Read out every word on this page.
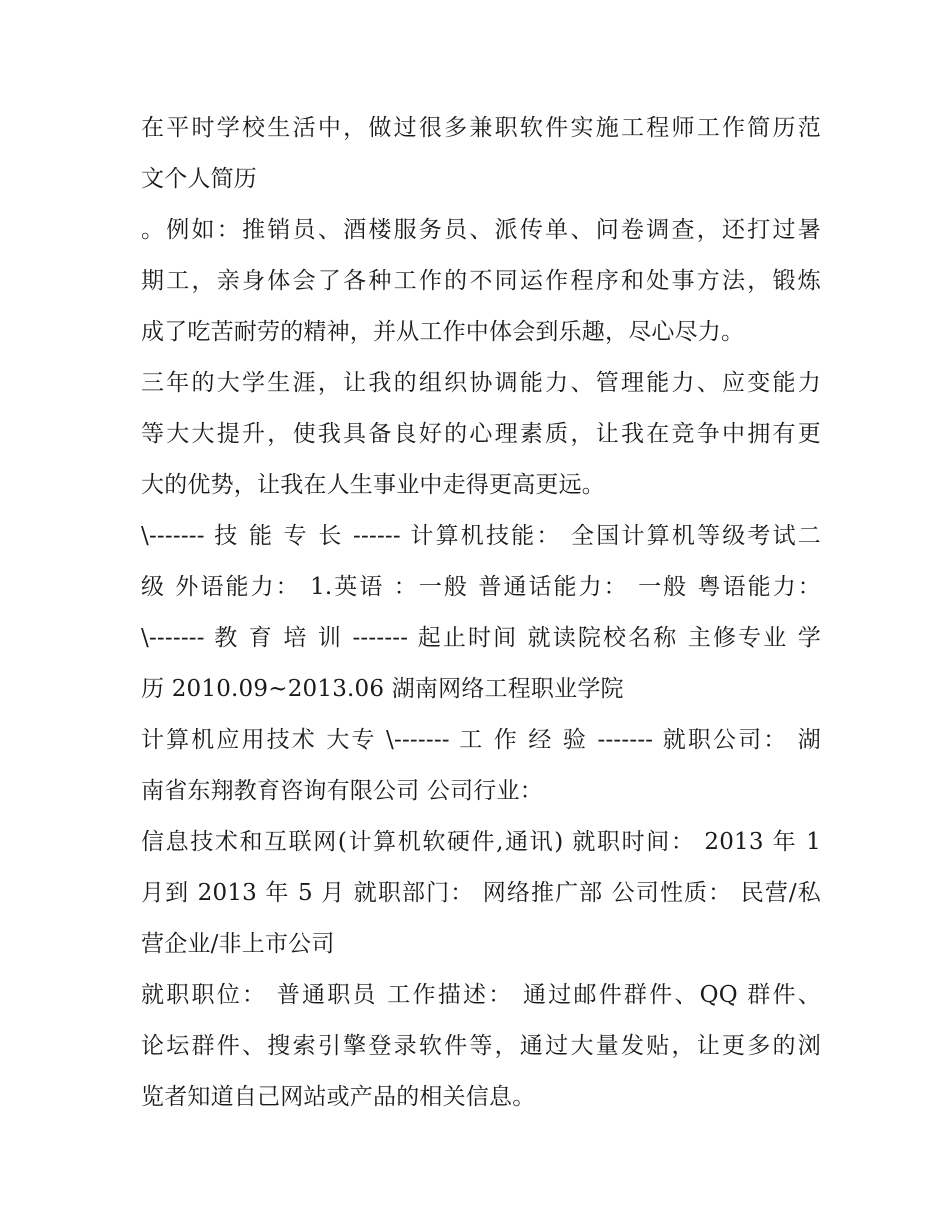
在平时学校生活中，做过很多兼职软件实施工程师工作简历范
文个人简历
。例如：推销员、酒楼服务员、派传单、问卷调查，还打过暑
期工，亲身体会了各种工作的不同运作程序和处事方法，锻炼
成了吃苦耐劳的精神，并从工作中体会到乐趣，尽心尽力。
三年的大学生涯，让我的组织协调能力、管理能力、应变能力
等大大提升，使我具备良好的心理素质，让我在竞争中拥有更
大的优势，让我在人生事业中走得更高更远。
\------- 技 能 专 长 ------ 计算机技能： 全国计算机等级考试二
级 外语能力： 1.英语 ：一般 普通话能力： 一般 粤语能力：
\------- 教 育 培 训 ------- 起止时间 就读院校名称 主修专业 学
历 2010.09~2013.06 湖南网络工程职业学院
计算机应用技术 大专 \------- 工 作 经 验 ------- 就职公司： 湖
南省东翔教育咨询有限公司 公司行业：
信息技术和互联网(计算机软硬件,通讯) 就职时间： 2013 年 1
月到 2013 年 5 月 就职部门： 网络推广部 公司性质： 民营/私
营企业/非上市公司
就职职位： 普通职员 工作描述： 通过邮件群件、QQ 群件、
论坛群件、搜索引擎登录软件等，通过大量发贴，让更多的浏
览者知道自己网站或产品的相关信息。
